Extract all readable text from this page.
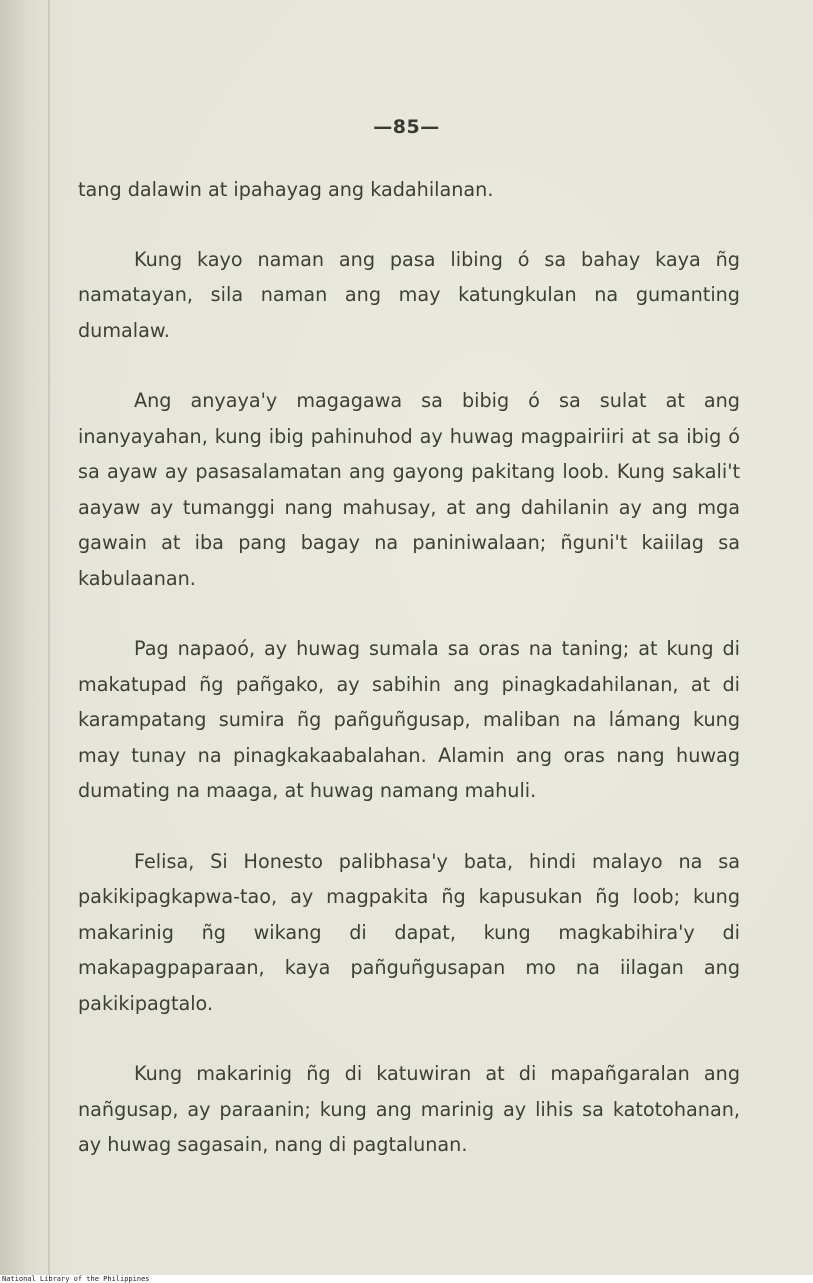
—85—

tang dalawin at ipahayag ang kadahilanan.

Kung kayo naman ang pasa libing ó sa bahay kaya ñg namatayan, sila naman ang may katungkulan na gumanting dumalaw.

Ang anyaya'y magagawa sa bibig ó sa sulat at ang inanyayahan, kung ibig pahinuhod ay huwag magpairiiri at sa ibig ó sa ayaw ay pasasalamatan ang gayong pakitang loob. Kung sakali't aayaw ay tumanggi nang mahusay, at ang dahilanin ay ang mga gawain at iba pang bagay na paniniwalaan; ñguni't kaiilag sa kabulaanan.

Pag napaoó, ay huwag sumala sa oras na taning; at kung di makatupad ñg pañgako, ay sabihin ang pinagkadahilanan, at di karampatang sumira ñg pañguñgusap, maliban na lámang kung may tunay na pinagkakaabalahan. Alamin ang oras nang huwag dumating na maaga, at huwag namang mahuli.

Felisa, Si Honesto palibhasa'y bata, hindi malayo na sa pakikipagkapwa-tao, ay magpakita ñg kapusukan ñg loob; kung makarinig ñg wikang di dapat, kung magkabihira'y di makapagpaparaan, kaya pañguñgusapan mo na iilagan ang pakikipagtalo.

Kung makarinig ñg di katuwiran at di mapañgaralan ang nañgusap, ay paraanin; kung ang marinig ay lihis sa katotohanan, ay huwag sagasain, nang di pagtalunan.

National Library of the Philippines
